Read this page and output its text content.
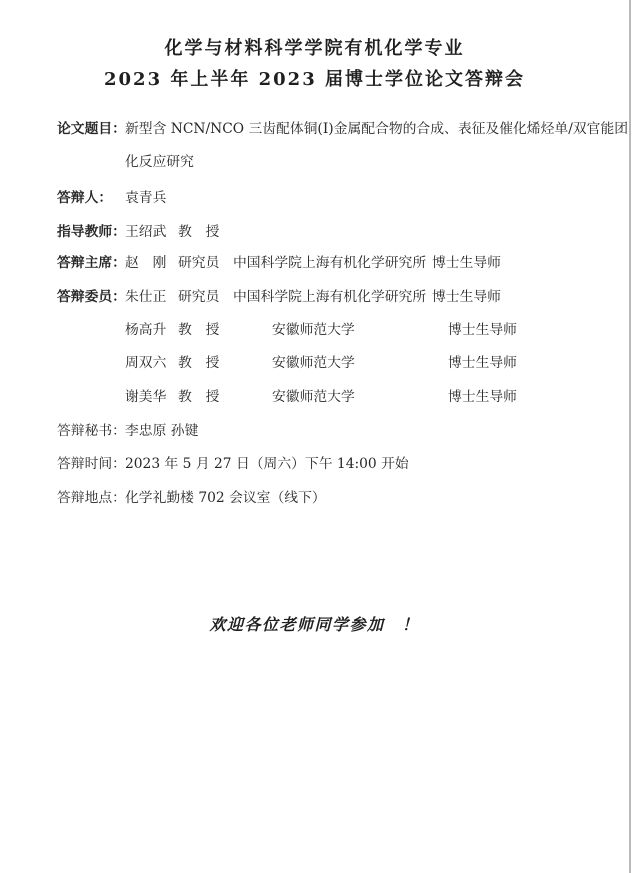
化学与材料科学学院有机化学专业
2023 年上半年 2023 届博士学位论文答辩会
论文题目： 新型含 NCN/NCO 三齿配体铜(I)金属配合物的合成、表征及催化烯烃单/双官能团
化反应研究
答辩人： 袁青兵
指导教师： 王绍武 教　授
答辩主席： 赵　刚 研究员 中国科学院上海有机化学研究所 博士生导师
答辩委员： 朱仕正 研究员 中国科学院上海有机化学研究所 博士生导师
杨高升 教　授	安徽师范大学	博士生导师
周双六 教　授	安徽师范大学	博士生导师
谢美华 教　授	安徽师范大学	博士生导师
答辩秘书： 李忠原 孙键
答辩时间： 2023 年 5 月 27 日（周六）下午 14:00 开始
答辩地点： 化学礼勤楼 702 会议室（线下）
欢迎各位老师同学参加　！
